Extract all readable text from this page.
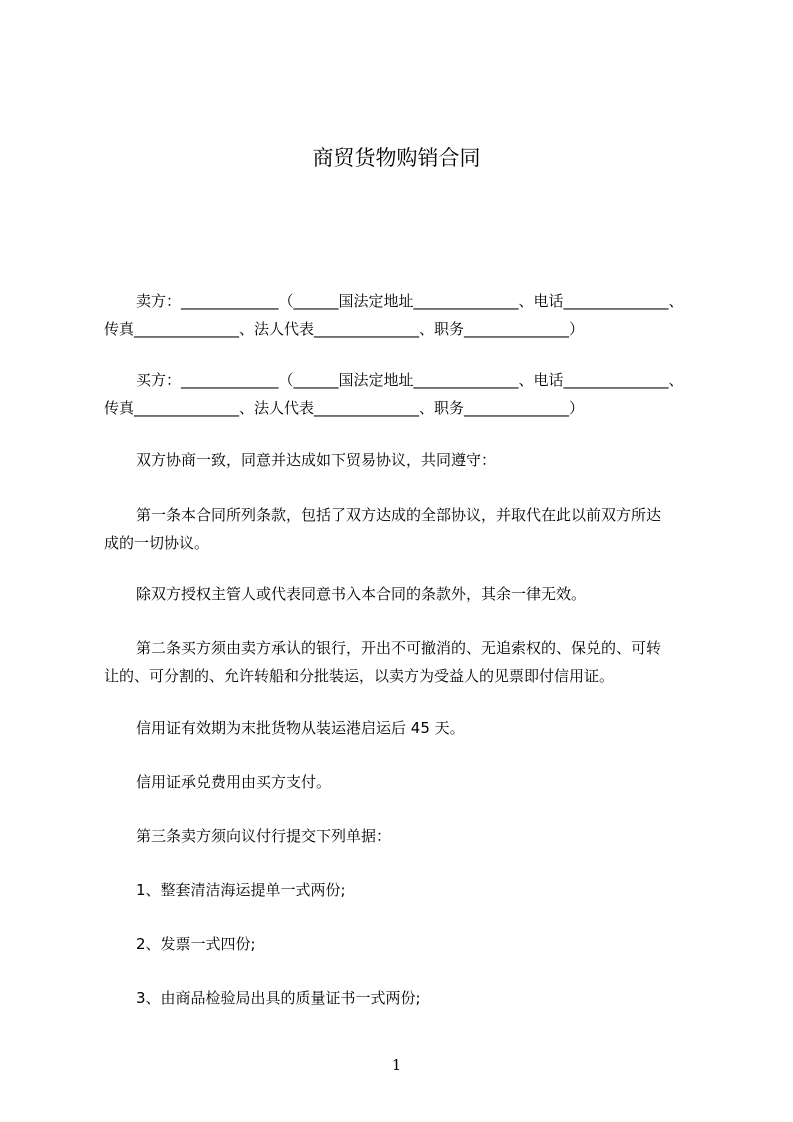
商贸货物购销合同
卖方：_____________（______国法定地址______________、电话______________、
传真______________、法人代表______________、职务______________）
买方：_____________（______国法定地址______________、电话______________、
传真______________、法人代表______________、职务______________）
双方协商一致，同意并达成如下贸易协议，共同遵守：
第一条本合同所列条款，包括了双方达成的全部协议，并取代在此以前双方所达
成的一切协议。
除双方授权主管人或代表同意书入本合同的条款外，其余一律无效。
第二条买方须由卖方承认的银行，开出不可撤消的、无追索权的、保兑的、可转
让的、可分割的、允许转船和分批装运，以卖方为受益人的见票即付信用证。
信用证有效期为末批货物从装运港启运后 45 天。
信用证承兑费用由买方支付。
第三条卖方须向议付行提交下列单据：
1、整套清洁海运提单一式两份;
2、发票一式四份;
3、由商品检验局出具的质量证书一式两份;
1
